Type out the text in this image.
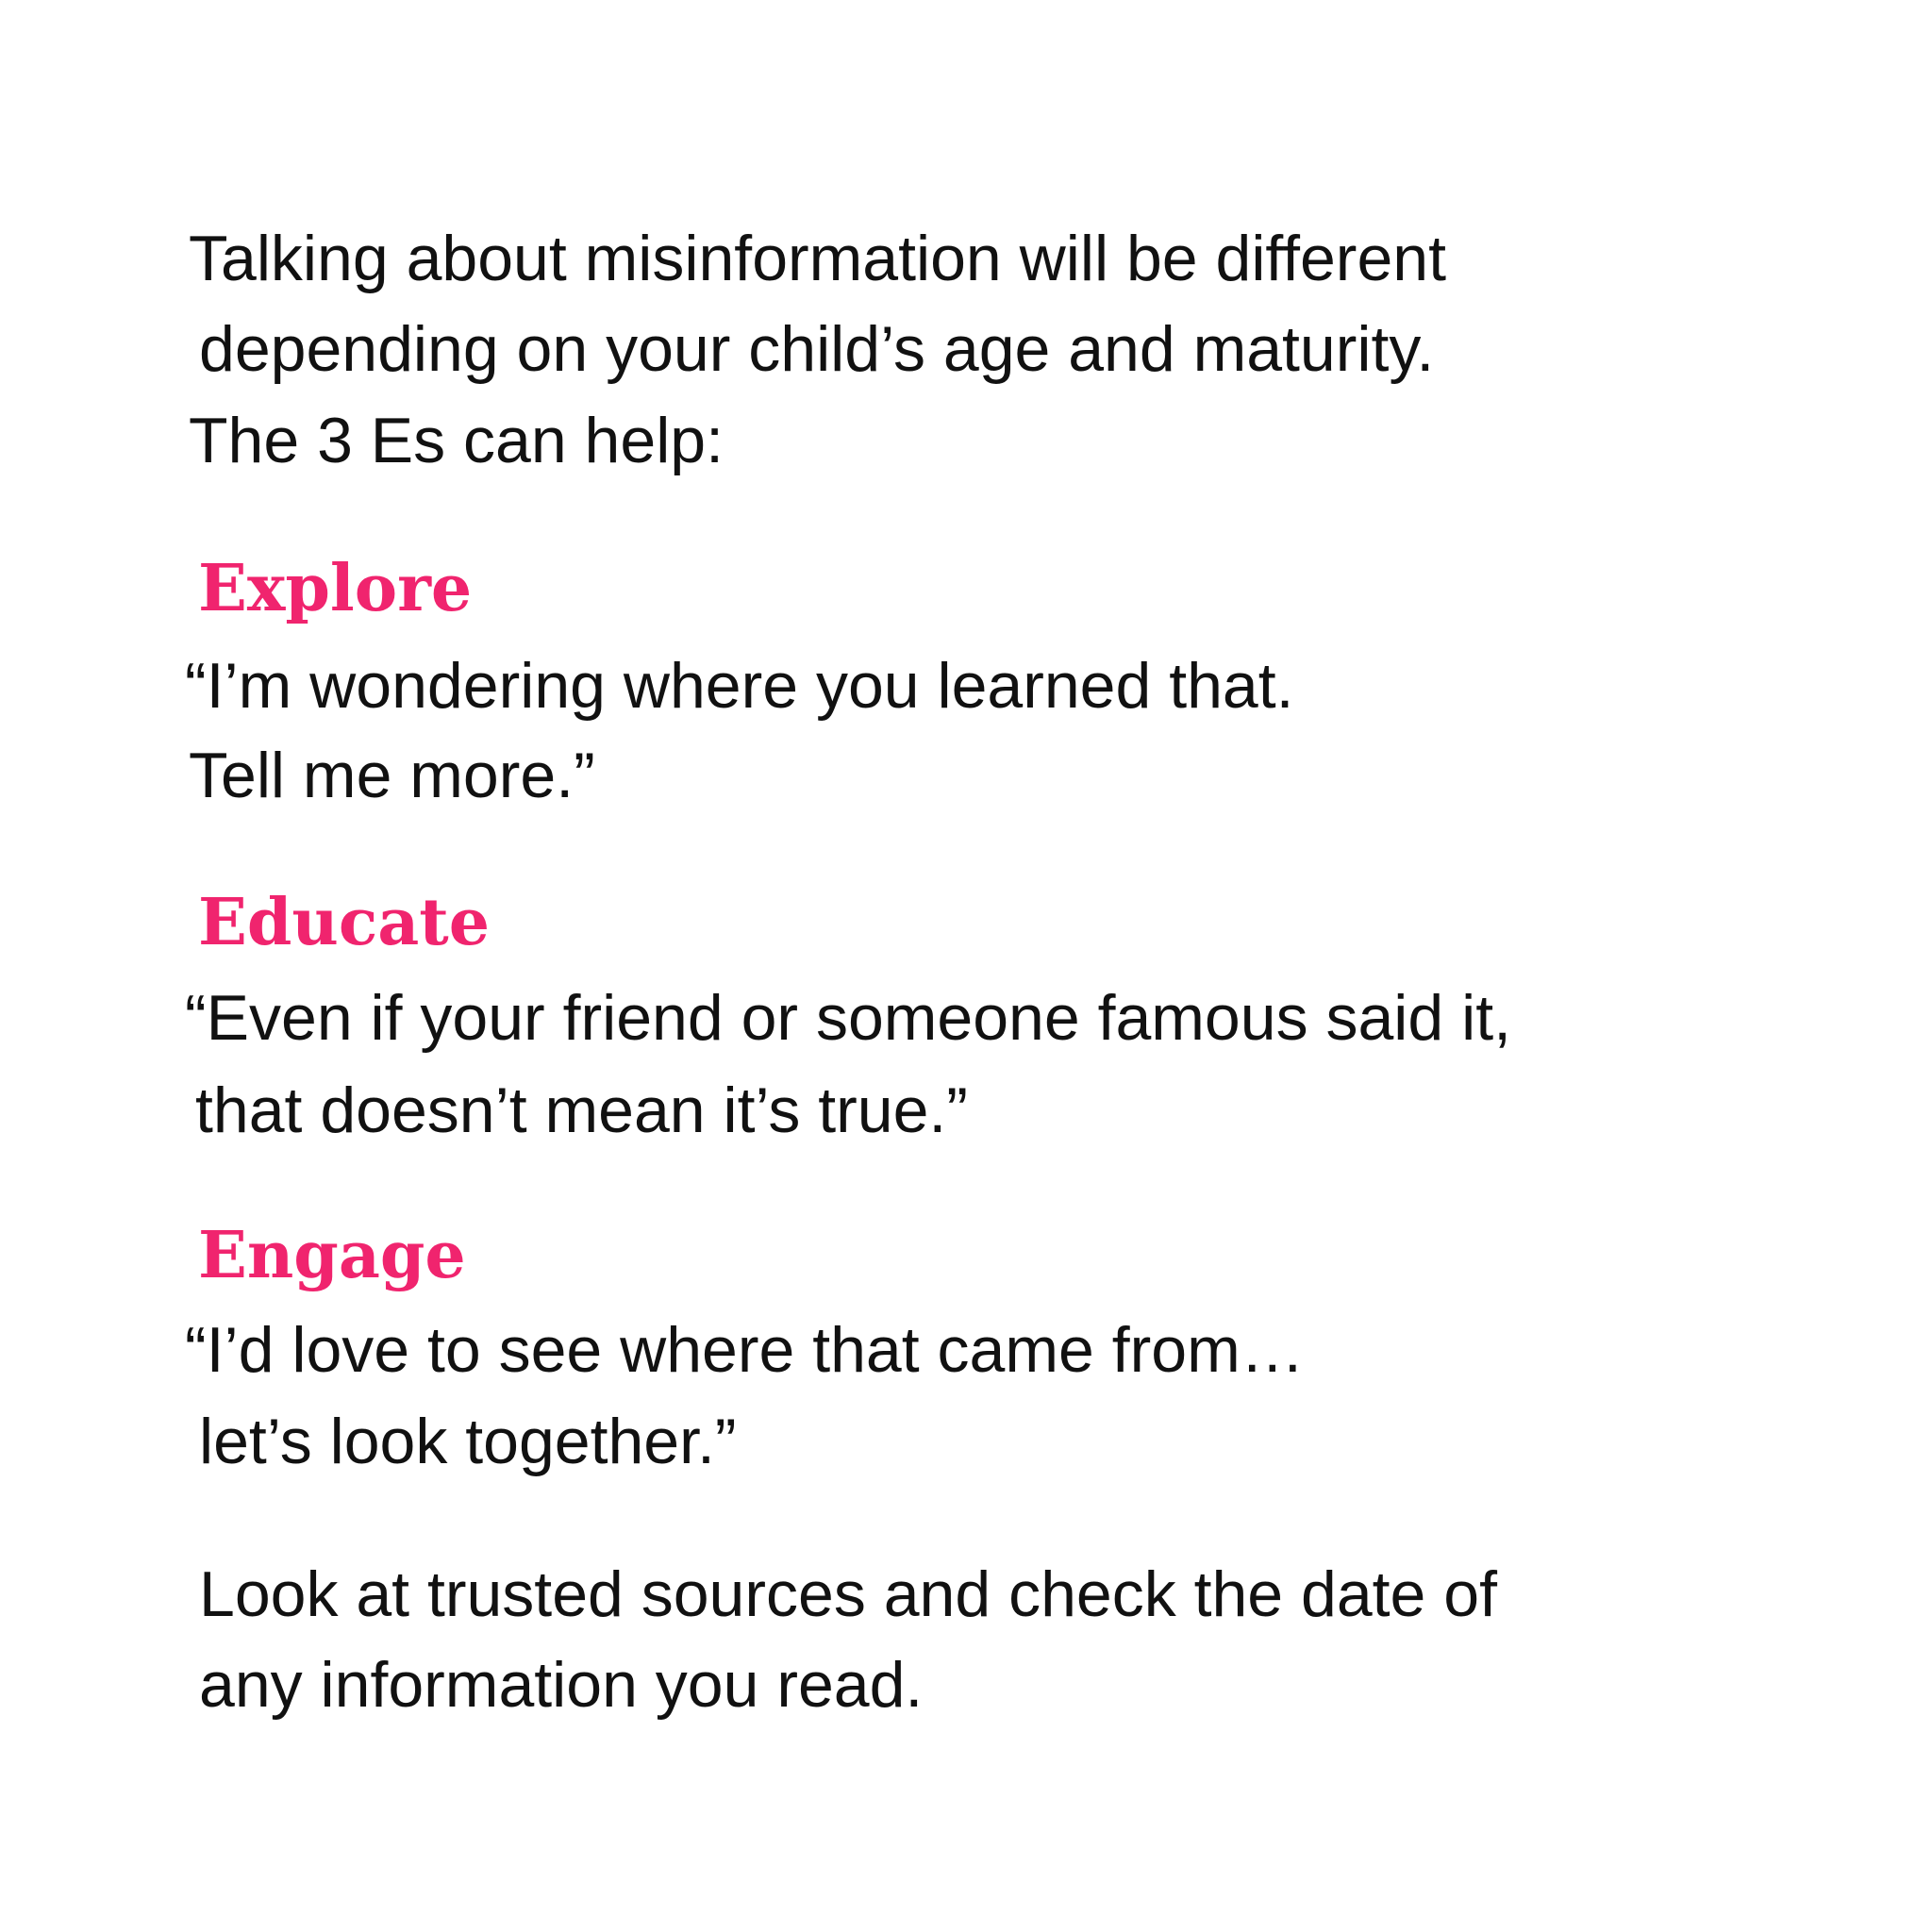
Talking about misinformation will be different
depending on your child’s age and maturity.
The 3 Es can help:
Explore
“I’m wondering where you learned that.
Tell me more.”
Educate
“Even if your friend or someone famous said it,
that doesn’t mean it’s true.”
Engage
“I’d love to see where that came from…
let’s look together.”
Look at trusted sources and check the date of
any information you read.
